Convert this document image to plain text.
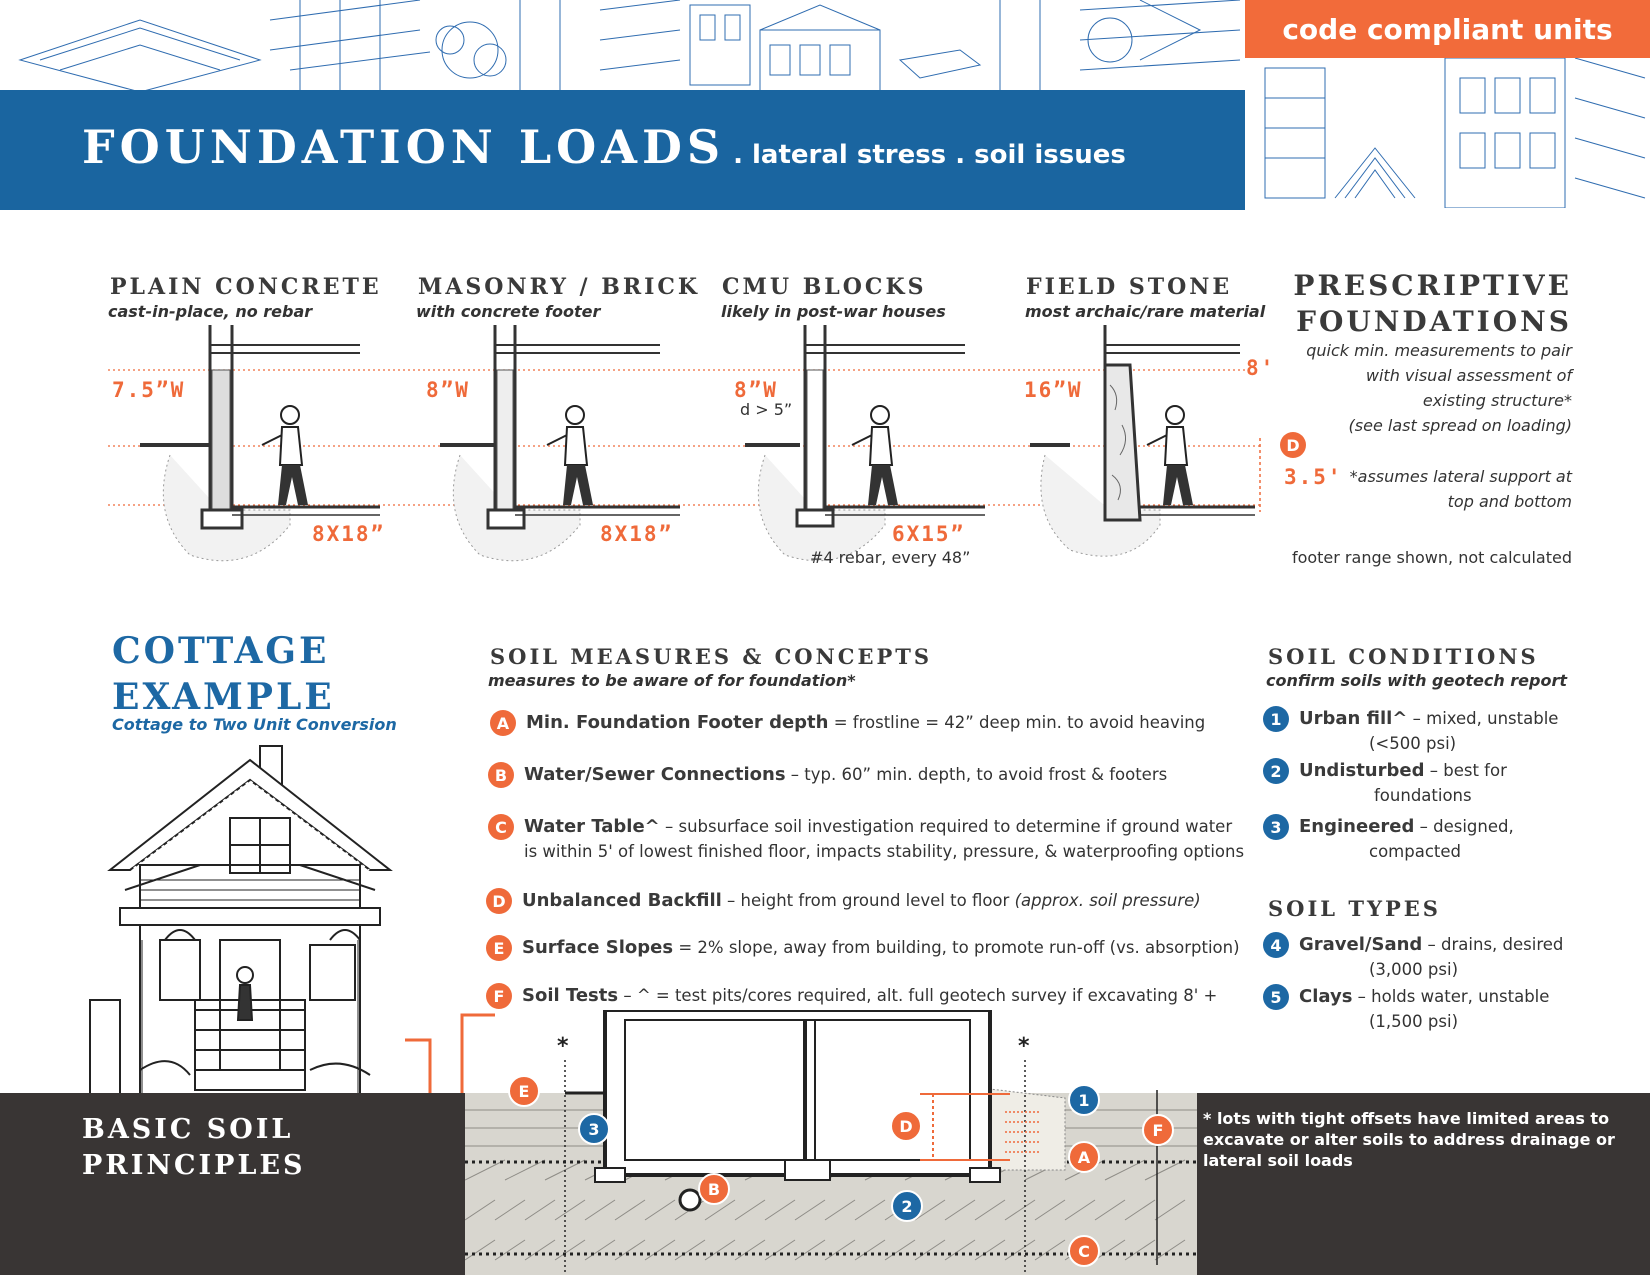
code compliant units
FOUNDATION LOADS . lateral stress . soil issues
PLAIN CONCRETE
cast-in-place, no rebar
MASONRY / BRICK
with concrete footer
CMU BLOCKS
likely in post-war houses
FIELD STONE
most archaic/rare material
7.5”W
8X18”
8”W
8X18”
8”W
d > 5”
6X15”
#4 rebar, every 48”
16”W
PRESCRIPTIVE
FOUNDATIONS
quick min. measurements to pair
with visual assessment of
existing structure*
(see last spread on loading)
8'
D
3.5' *assumes lateral support at
top and bottom
footer range shown, not calculated
COTTAGE
EXAMPLE
Cottage to Two Unit Conversion
SOIL MEASURES & CONCEPTS
measures to be aware of for foundation*
A Min. Foundation Footer depth = frostline = 42” deep min. to avoid heaving
B Water/Sewer Connections – typ. 60” min. depth, to avoid frost & footers
C Water Table^ – subsurface soil investigation required to determine if ground water is within 5' of lowest finished floor, impacts stability, pressure, & waterproofing options
D Unbalanced Backfill – height from ground level to floor (approx. soil pressure)
E Surface Slopes = 2% slope, away from building, to promote run-off (vs. absorption)
F Soil Tests – ^ = test pits/cores required, alt. full geotech survey if excavating 8' +
SOIL CONDITIONS
confirm soils with geotech report
1 Urban fill^ – mixed, unstable
(<500 psi)
2 Undisturbed – best for
foundations
3 Engineered – designed,
compacted
SOIL TYPES
4 Gravel/Sand – drains, desired
(3,000 psi)
5 Clays – holds water, unstable
(1,500 psi)
BASIC SOIL
PRINCIPLES
*	*
E
3
B
2
D
1
A
F
C
* lots with tight offsets have limited areas to
excavate or alter soils to address drainage or
lateral soil loads
